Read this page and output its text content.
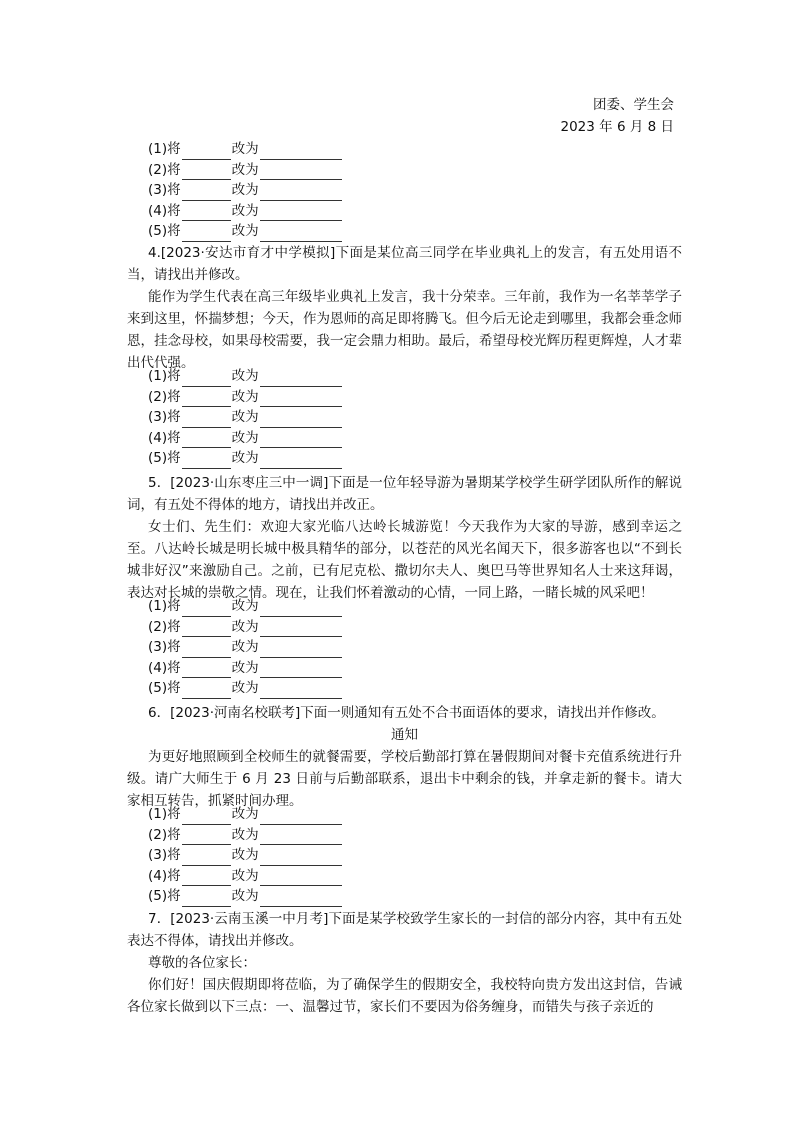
团委、学生会
2023 年 6 月 8 日
(1) 将	改为
(2) 将	改为
(3) 将	改为
(4) 将	改为
(5) 将	改为

4.[2023·安达市育才中学模拟]下面是某位高三同学在毕业典礼上的发言，有五处用语不当，请找出并修改。

能作为学生代表在高三年级毕业典礼上发言，我十分荣幸。三年前，我作为一名莘莘学子来到这里，怀揣梦想；今天，作为恩师的高足即将腾飞。但今后无论走到哪里，我都会垂念师恩，挂念母校，如果母校需要，我一定会鼎力相助。最后，希望母校光辉历程更辉煌，人才辈出代代强。

(1) 将	改为
(2) 将	改为
(3) 将	改为
(4) 将	改为
(5) 将	改为

5．[2023·山东枣庄三中一调]下面是一位年轻导游为暑期某学校学生研学团队所作的解说词，有五处不得体的地方，请找出并改正。

女士们、先生们：欢迎大家光临八达岭长城游览！今天我作为大家的导游，感到幸运之至。八达岭长城是明长城中极具精华的部分，以苍茫的风光名闻天下，很多游客也以“不到长城非好汉”来激励自己。之前，已有尼克松、撒切尔夫人、奥巴马等世界知名人士来这拜谒，表达对长城的崇敬之情。现在，让我们怀着激动的心情，一同上路，一睹长城的风采吧！

(1) 将	改为
(2) 将	改为
(3) 将	改为
(4) 将	改为
(5) 将	改为

6．[2023·河南名校联考]下面一则通知有五处不合书面语体的要求，请找出并作修改。

通知

为更好地照顾到全校师生的就餐需要，学校后勤部打算在暑假期间对餐卡充值系统进行升级。请广大师生于 6 月 23 日前与后勤部联系，退出卡中剩余的钱，并拿走新的餐卡。请大家相互转告，抓紧时间办理。

(1) 将	改为
(2) 将	改为
(3) 将	改为
(4) 将	改为
(5) 将	改为

7．[2023·云南玉溪一中月考]下面是某学校致学生家长的一封信的部分内容，其中有五处表达不得体，请找出并修改。

尊敬的各位家长：

你们好！国庆假期即将莅临，为了确保学生的假期安全，我校特向贵方发出这封信，告诫各位家长做到以下三点：一、温馨过节，家长们不要因为俗务缠身，而错失与孩子亲近的
